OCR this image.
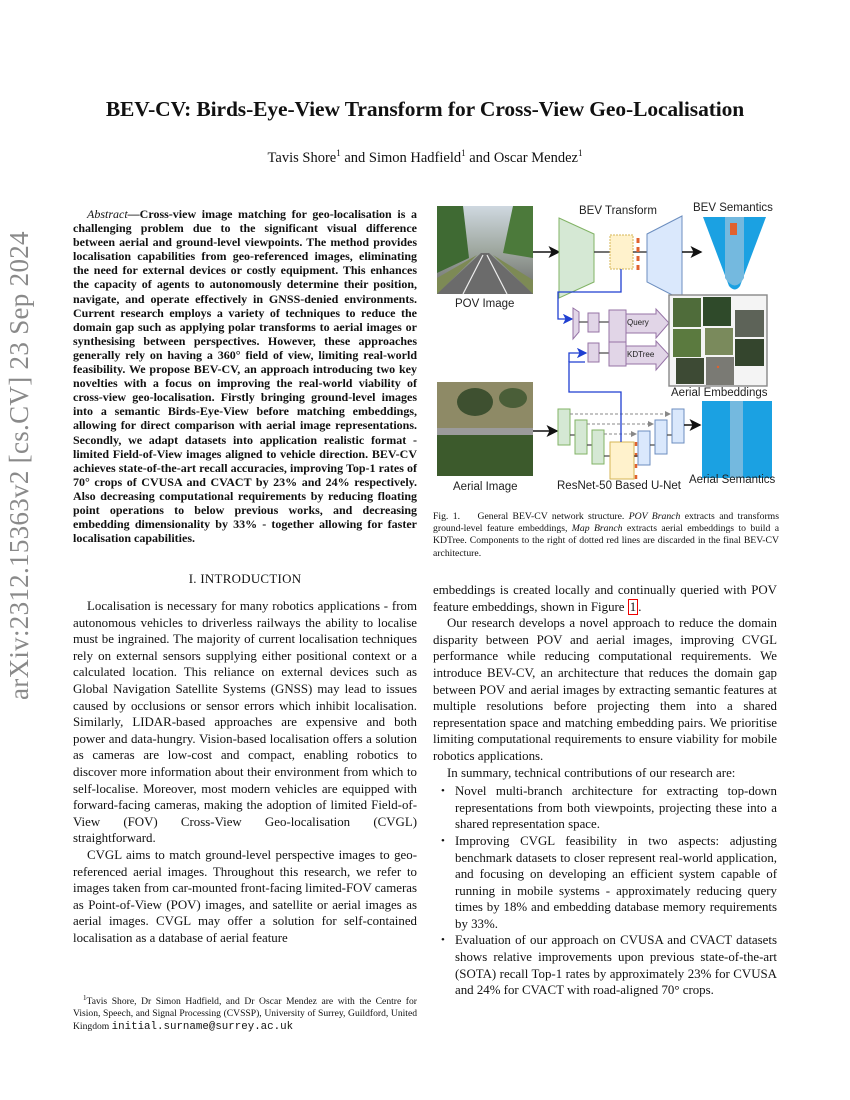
arXiv:2312.15363v2 [cs.CV] 23 Sep 2024
BEV-CV: Birds-Eye-View Transform for Cross-View Geo-Localisation
Tavis Shore$^1$ and Simon Hadfield$^1$ and Oscar Mendez$^1$
Abstract—Cross-view image matching for geo-localisation is a challenging problem due to the significant visual difference between aerial and ground-level viewpoints. The method provides localisation capabilities from geo-referenced images, eliminating the need for external devices or costly equipment. This enhances the capacity of agents to autonomously determine their position, navigate, and operate effectively in GNSS-denied environments. Current research employs a variety of techniques to reduce the domain gap such as applying polar transforms to aerial images or synthesising between perspectives. However, these approaches generally rely on having a 360° field of view, limiting real-world feasibility. We propose BEV-CV, an approach introducing two key novelties with a focus on improving the real-world viability of cross-view geo-localisation. Firstly bringing ground-level images into a semantic Birds-Eye-View before matching embeddings, allowing for direct comparison with aerial image representations. Secondly, we adapt datasets into application realistic format - limited Field-of-View images aligned to vehicle direction. BEV-CV achieves state-of-the-art recall accuracies, improving Top-1 rates of 70° crops of CVUSA and CVACT by 23% and 24% respectively. Also decreasing computational requirements by reducing floating point operations to below previous works, and decreasing embedding dimensionality by 33% - together allowing for faster localisation capabilities.
I. INTRODUCTION

Localisation is necessary for many robotics applications - from autonomous vehicles to driverless railways the ability to localise must be ingrained. The majority of current localisation techniques rely on external sensors supplying either positional context or a calculated location. This reliance on external devices such as Global Navigation Satellite Systems (GNSS) may lead to issues caused by occlusions or sensor errors which inhibit localisation. Similarly, LIDAR-based approaches are expensive and both power and data-hungry. Vision-based localisation offers a solution as cameras are low-cost and compact, enabling robotics to discover more information about their environment from which to self-localise. Moreover, most modern vehicles are equipped with forward-facing cameras, making the adoption of limited Field-of-View (FOV) Cross-View Geo-localisation (CVGL) straightforward.

CVGL aims to match ground-level perspective images to geo-referenced aerial images. Throughout this research, we refer to images taken from car-mounted front-facing limited-FOV cameras as Point-of-View (POV) images, and satellite or aerial images as aerial images. CVGL may offer a solution for self-contained localisation as a database of aerial feature

$^1$Tavis Shore, Dr Simon Hadfield, and Dr Oscar Mendez are with the Centre for Vision, Speech, and Signal Processing (CVSSP), University of Surrey, Guildford, United Kingdom initial.surname@surrey.ac.uk
BEV Transform	BEV Semantics
POV Image
Query
KDTree
Aerial Embeddings
Aerial Image	ResNet-50 Based U-Net Aerial Semantics
Fig. 1. General BEV-CV network structure. POV Branch extracts and transforms ground-level feature embeddings, Map Branch extracts aerial embeddings to build a KDTree. Components to the right of dotted red lines are discarded in the final BEV-CV architecture.

embeddings is created locally and continually queried with POV feature embeddings, shown in Figure 1 .

Our research develops a novel approach to reduce the domain disparity between POV and aerial images, improving CVGL performance while reducing computational requirements. We introduce BEV-CV, an architecture that reduces the domain gap between POV and aerial images by extracting semantic features at multiple resolutions before projecting them into a shared representation space and matching embedding pairs. We prioritise limiting computational requirements to ensure viability for mobile robotics applications.

In summary, technical contributions of our research are:

• Novel multi-branch architecture for extracting top-down representations from both viewpoints, projecting these into a shared representation space.
• Improving CVGL feasibility in two aspects: adjusting benchmark datasets to closer represent real-world application, and focusing on developing an efficient system capable of running in mobile systems - approximately reducing query times by 18% and embedding database memory requirements by 33%.
• Evaluation of our approach on CVUSA and CVACT datasets shows relative improvements upon previous state-of-the-art (SOTA) recall Top-1 rates by approximately 23% for CVUSA and 24% for CVACT with road-aligned 70° crops.
